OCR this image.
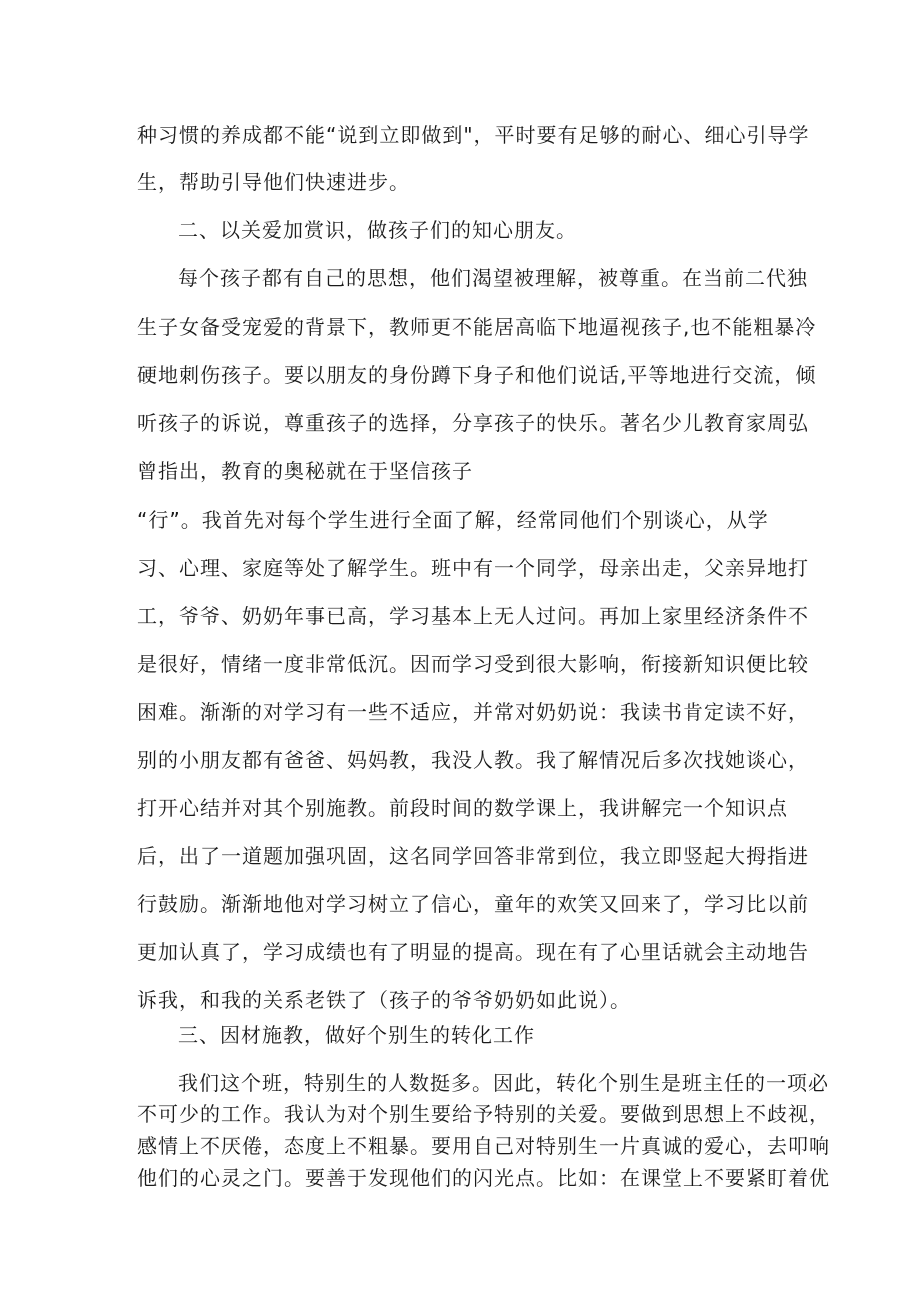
种习惯的养成都不能“说到立即做到"，平时要有足够的耐心、细心引导学
生，帮助引导他们快速进步。
二、以关爱加赏识，做孩子们的知心朋友。
每个孩子都有自己的思想，他们渴望被理解，被尊重。在当前二代独
生子女备受宠爱的背景下，教师更不能居高临下地逼视孩子,也不能粗暴冷
硬地刺伤孩子。要以朋友的身份蹲下身子和他们说话,平等地进行交流，倾
听孩子的诉说，尊重孩子的选择，分享孩子的快乐。著名少儿教育家周弘
曾指出，教育的奥秘就在于坚信孩子
“行”。我首先对每个学生进行全面了解，经常同他们个别谈心，从学
习、心理、家庭等处了解学生。班中有一个同学，母亲出走，父亲异地打
工，爷爷、奶奶年事已高，学习基本上无人过问。再加上家里经济条件不
是很好，情绪一度非常低沉。因而学习受到很大影响，衔接新知识便比较
困难。渐渐的对学习有一些不适应，并常对奶奶说：我读书肯定读不好，
别的小朋友都有爸爸、妈妈教，我没人教。我了解情况后多次找她谈心，
打开心结并对其个别施教。前段时间的数学课上，我讲解完一个知识点
后，出了一道题加强巩固，这名同学回答非常到位，我立即竖起大拇指进
行鼓励。渐渐地他对学习树立了信心，童年的欢笑又回来了，学习比以前
更加认真了，学习成绩也有了明显的提高。现在有了心里话就会主动地告
诉我，和我的关系老铁了（孩子的爷爷奶奶如此说）。
三、因材施教，做好个别生的转化工作
我们这个班，特别生的人数挺多。因此，转化个别生是班主任的一项必
不可少的工作。我认为对个别生要给予特别的关爱。要做到思想上不歧视，
感情上不厌倦，态度上不粗暴。要用自己对特别生一片真诚的爱心，去叩响
他们的心灵之门。要善于发现他们的闪光点。比如：在课堂上不要紧盯着优
